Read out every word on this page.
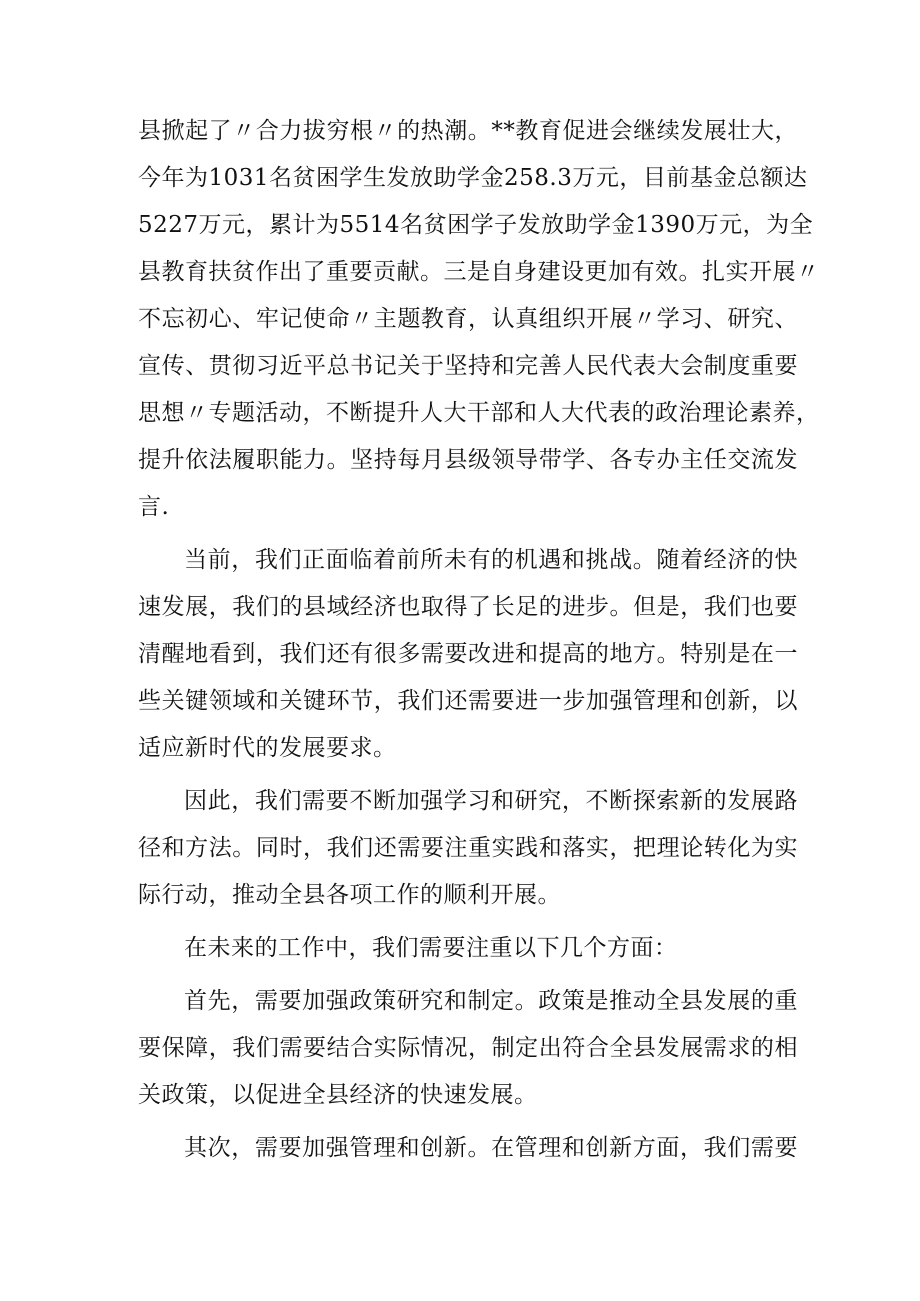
县掀起了〃合力拔穷根〃的热潮。**教育促进会继续发展壮大，
今年为1031名贫困学生发放助学金258.3万元，目前基金总额达
5227万元，累计为5514名贫困学子发放助学金1390万元，为全
县教育扶贫作出了重要贡献。三是自身建设更加有效。扎实开展〃
不忘初心、牢记使命〃主题教育，认真组织开展〃学习、研究、
宣传、贯彻习近平总书记关于坚持和完善人民代表大会制度重要
思想〃专题活动，不断提升人大干部和人大代表的政治理论素养，
提升依法履职能力。坚持每月县级领导带学、各专办主任交流发
言.
当前，我们正面临着前所未有的机遇和挑战。随着经济的快
速发展，我们的县域经济也取得了长足的进步。但是，我们也要
清醒地看到，我们还有很多需要改进和提高的地方。特别是在一
些关键领域和关键环节，我们还需要进一步加强管理和创新，以
适应新时代的发展要求。
因此，我们需要不断加强学习和研究，不断探索新的发展路
径和方法。同时，我们还需要注重实践和落实，把理论转化为实
际行动，推动全县各项工作的顺利开展。
在未来的工作中，我们需要注重以下几个方面：
首先，需要加强政策研究和制定。政策是推动全县发展的重
要保障，我们需要结合实际情况，制定出符合全县发展需求的相
关政策，以促进全县经济的快速发展。
其次，需要加强管理和创新。在管理和创新方面，我们需要
